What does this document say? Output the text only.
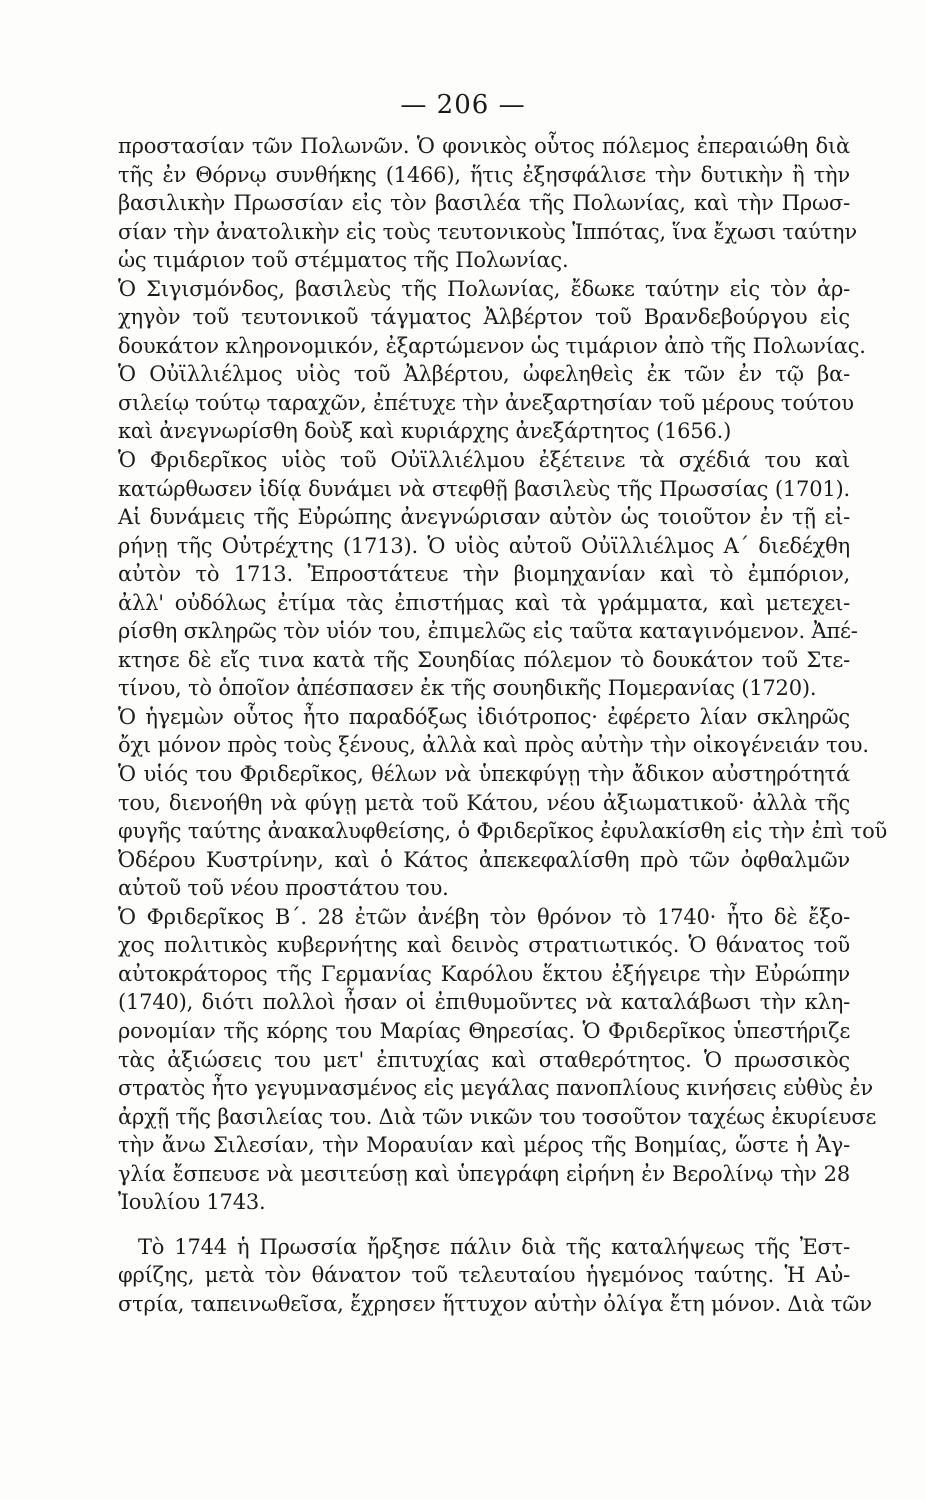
— 206 —
προστασίαν τῶν Πολωνῶν. Ὁ φονικὸς οὗτος πόλεμος ἐπεραιώθη διὰ
τῆς ἐν Θόρνῳ συνθήκης (1466), ἥτις ἐξησφάλισε τὴν δυτικὴν ἢ τὴν
βασιλικὴν Πρωσσίαν εἰς τὸν βασιλέα τῆς Πολωνίας, καὶ τὴν Πρωσ-
σίαν τὴν ἀνατολικὴν εἰς τοὺς τευτονικοὺς Ἱππότας, ἵνα ἔχωσι ταύτην
ὡς τιμάριον τοῦ στέμματος τῆς Πολωνίας.
Ὁ Σιγισμόνδος, βασιλεὺς τῆς Πολωνίας, ἔδωκε ταύτην εἰς τὸν ἀρ-
χηγὸν τοῦ τευτονικοῦ τάγματος Ἀλβέρτον τοῦ Βρανδεβούργου εἰς
δουκάτον κληρονομικόν, ἐξαρτώμενον ὡς τιμάριον ἀπὸ τῆς Πολωνίας.
Ὁ Οὐϊλλιέλμος υἱὸς τοῦ Ἀλβέρτου, ὠφεληθεὶς ἐκ τῶν ἐν τῷ βα-
σιλείῳ τούτῳ ταραχῶν, ἐπέτυχε τὴν ἀνεξαρτησίαν τοῦ μέρους τούτου
καὶ ἀνεγνωρίσθη δοὺξ καὶ κυριάρχης ἀνεξάρτητος (1656.)
Ὁ Φριδερῖκος υἱὸς τοῦ Οὐϊλλιέλμου ἐξέτεινε τὰ σχέδιά του καὶ
κατώρθωσεν ἰδίᾳ δυνάμει νὰ στεφθῇ βασιλεὺς τῆς Πρωσσίας (1701).
Αἱ δυνάμεις τῆς Εὐρώπης ἀνεγνώρισαν αὐτὸν ὡς τοιοῦτον ἐν τῇ εἰ-
ρήνῃ τῆς Οὐτρέχτης (1713). Ὁ υἱὸς αὐτοῦ Οὐϊλλιέλμος Α΄ διεδέχθη
αὐτὸν τὸ 1713. Ἐπροστάτευε τὴν βιομηχανίαν καὶ τὸ ἐμπόριον,
ἀλλ' οὐδόλως ἐτίμα τὰς ἐπιστήμας καὶ τὰ γράμματα, καὶ μετεχει-
ρίσθη σκληρῶς τὸν υἱόν του, ἐπιμελῶς εἰς ταῦτα καταγινόμενον. Ἀπέ-
κτησε δὲ εἴς τινα κατὰ τῆς Σουηδίας πόλεμον τὸ δουκάτον τοῦ Στε-
τίνου, τὸ ὁποῖον ἀπέσπασεν ἐκ τῆς σουηδικῆς Πομερανίας (1720).
Ὁ ἡγεμὼν οὗτος ἦτο παραδόξως ἰδιότροπος· ἐφέρετο λίαν σκληρῶς
ὄχι μόνον πρὸς τοὺς ξένους, ἀλλὰ καὶ πρὸς αὐτὴν τὴν οἰκογένειάν του.
Ὁ υἱός του Φριδερῖκος, θέλων νὰ ὑπεκφύγῃ τὴν ἄδικον αὐστηρότητά
του, διενοήθη νὰ φύγῃ μετὰ τοῦ Κάτου, νέου ἀξιωματικοῦ· ἀλλὰ τῆς
φυγῆς ταύτης ἀνακαλυφθείσης, ὁ Φριδερῖκος ἐφυλακίσθη εἰς τὴν ἐπὶ τοῦ
Ὀδέρου Κυστρίνην, καὶ ὁ Κάτος ἀπεκεφαλίσθη πρὸ τῶν ὀφθαλμῶν
αὐτοῦ τοῦ νέου προστάτου του.
Ὁ Φριδερῖκος Β΄. 28 ἐτῶν ἀνέβη τὸν θρόνον τὸ 1740· ἦτο δὲ ἔξο-
χος πολιτικὸς κυβερνήτης καὶ δεινὸς στρατιωτικός. Ὁ θάνατος τοῦ
αὐτοκράτορος τῆς Γερμανίας Καρόλου ἕκτου ἐξήγειρε τὴν Εὐρώπην
(1740), διότι πολλοὶ ἦσαν οἱ ἐπιθυμοῦντες νὰ καταλάβωσι τὴν κλη-
ρονομίαν τῆς κόρης του Μαρίας Θηρεσίας. Ὁ Φριδερῖκος ὑπεστήριζε
τὰς ἀξιώσεις του μετ' ἐπιτυχίας καὶ σταθερότητος. Ὁ πρωσσικὸς
στρατὸς ἦτο γεγυμνασμένος εἰς μεγάλας πανοπλίους κινήσεις εὐθὺς ἐν
ἀρχῇ τῆς βασιλείας του. Διὰ τῶν νικῶν του τοσοῦτον ταχέως ἐκυρίευσε
τὴν ἄνω Σιλεσίαν, τὴν Μοραυίαν καὶ μέρος τῆς Βοημίας, ὥστε ἡ Ἀγ-
γλία ἔσπευσε νὰ μεσιτεύσῃ καὶ ὑπεγράφη εἰρήνη ἐν Βερολίνῳ τὴν 28
Ἰουλίου 1743.
Τὸ 1744 ἡ Πρωσσία ἤρξησε πάλιν διὰ τῆς καταλήψεως τῆς Ἐστ-
φρίζης, μετὰ τὸν θάνατον τοῦ τελευταίου ἡγεμόνος ταύτης. Ἡ Αὐ-
στρία, ταπεινωθεῖσα, ἔχρησεν ἥττυχον αὐτὴν ὀλίγα ἔτη μόνον. Διὰ τῶν
